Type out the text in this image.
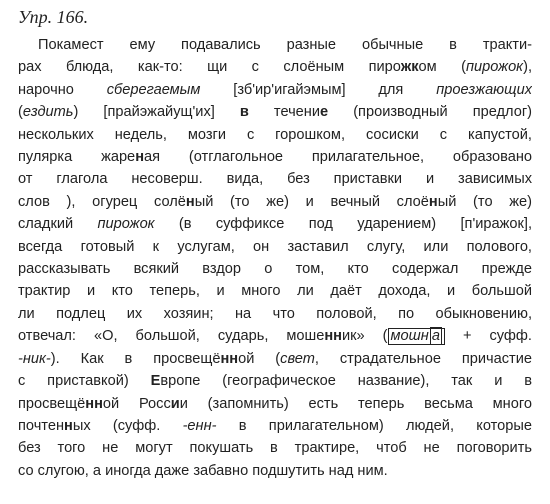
Упр. 166.
Покамест ему подавались разные обычные в тракти-
рах блюда, как-то: щи с слоёным пирожком (пирожок),
нарочно сберегаемым [зб'ир'игайэмым] для проезжающих
(ездить) [прайэжайущ'их] в течение (производный предлог)
нескольких недель, мозги с горошком, сосиски с капустой,
пулярка жареная (отглагольное прилагательное, образовано
от глагола несоверш. вида, без приставки и зависимых
слов ), огурец солёный (то же) и вечный слоёный (то же)
сладкий пирожок (в суффиксе под ударением) [п'иражок],
всегда готовый к услугам, он заставил слугу, или полового,
рассказывать всякий вздор о том, кто содержал прежде
трактир и кто теперь, и много ли даёт дохода, и большой
ли подлец их хозяин; на что половой, по обыкновению,
отвечал: «О, большой, сударь, мошенник» ( мошн а + суфф.
-ник-). Как в просвещённой (свет, страдательное причастие
с приставкой) Европе (географическое название), так и в
просвещённой России (запомнить) есть теперь весьма много
почтенных (суфф. -енн- в прилагательном) людей, которые
без того не могут покушать в трактире, чтоб не поговорить
со слугою, а иногда даже забавно подшутить над ним.
